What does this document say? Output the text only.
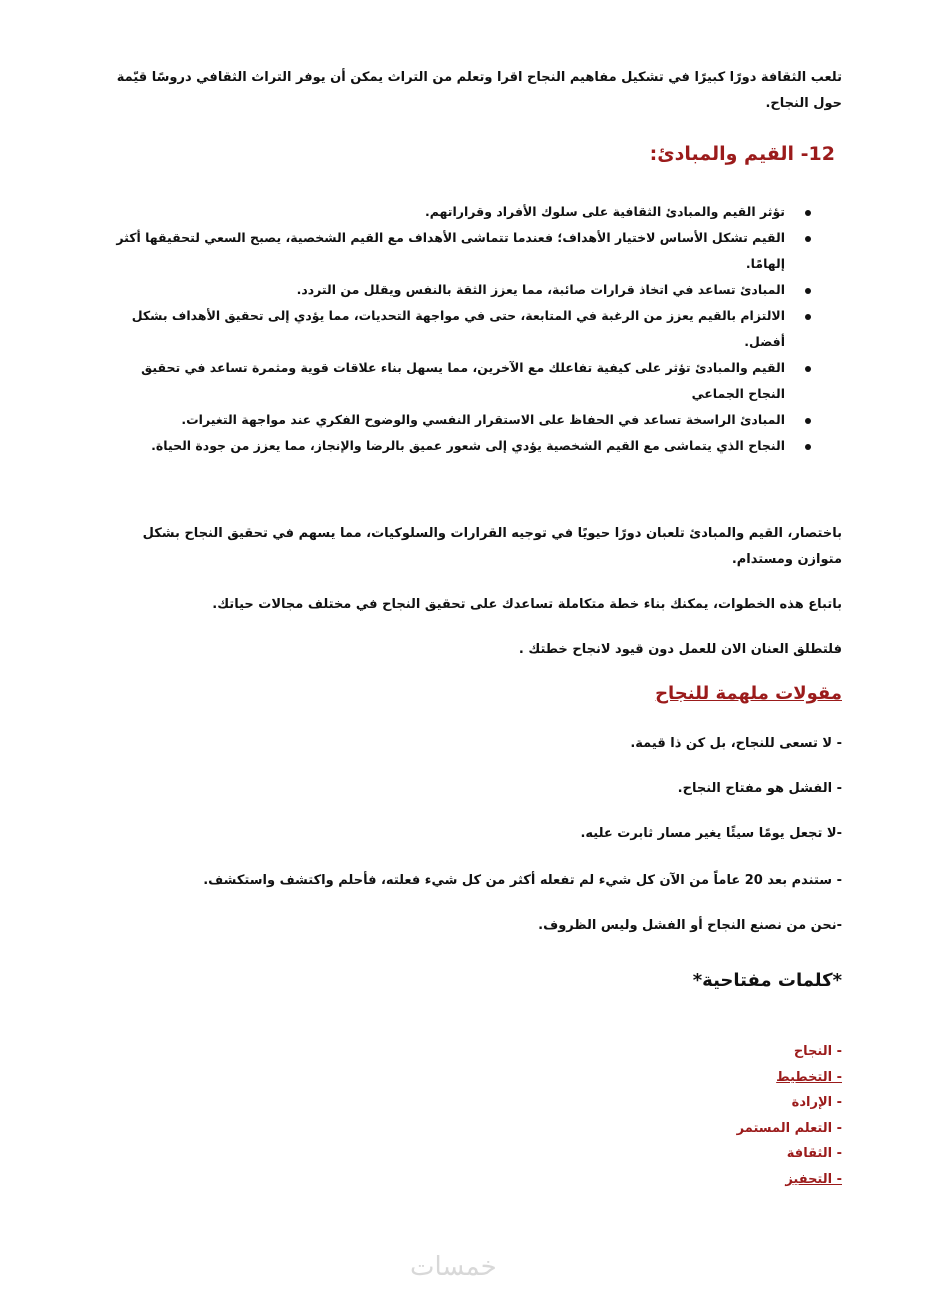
تلعب الثقافة دورًا كبيرًا في تشكيل مفاهيم النجاح اقرا وتعلم من التراث يمكن أن يوفر التراث الثقافي دروسًا قيّمة حول النجاح.
12- القيم والمبادئ:
تؤثر القيم والمبادئ الثقافية على سلوك الأفراد وقراراتهم.
القيم تشكل الأساس لاختيار الأهداف؛ فعندما تتماشى الأهداف مع القيم الشخصية، يصبح السعي لتحقيقها أكثر إلهامًا.
المبادئ تساعد في اتخاذ قرارات صائبة، مما يعزز الثقة بالنفس ويقلل من التردد.
الالتزام بالقيم يعزز من الرغبة في المتابعة، حتى في مواجهة التحديات، مما يؤدي إلى تحقيق الأهداف بشكل أفضل.
القيم والمبادئ تؤثر على كيفية تفاعلك مع الآخرين، مما يسهل بناء علاقات قوية ومثمرة تساعد في تحقيق النجاح الجماعي
المبادئ الراسخة تساعد في الحفاظ على الاستقرار النفسي والوضوح الفكري عند مواجهة التغيرات.
النجاح الذي يتماشى مع القيم الشخصية يؤدي إلى شعور عميق بالرضا والإنجاز، مما يعزز من جودة الحياة.
باختصار، القيم والمبادئ تلعبان دورًا حيويًا في توجيه القرارات والسلوكيات، مما يسهم في تحقيق النجاح بشكل متوازن ومستدام.
باتباع هذه الخطوات، يمكنك بناء خطة متكاملة تساعدك على تحقيق النجاح في مختلف مجالات حياتك.
فلتطلق العنان الان للعمل دون قيود لانجاح خطتك .
مقولات ملهمة للنجاح
- لا تسعى للنجاح، بل كن ذا قيمة.
- الفشل هو مفتاح النجاح.
-لا تجعل يومًا سيئًا يغير مسار ثابرت عليه.
- ستندم بعد 20 عاماً من الآن كل شيء لم تفعله أكثر من كل شيء فعلته، فأحلم واكتشف واستكشف.
-نحن من نصنع النجاح أو الفشل وليس الظروف.
*كلمات مفتاحية*
- النجاح
- التخطيط
- الإرادة
- التعلم المستمر
- الثقافة
- التحفيز
خمسات
